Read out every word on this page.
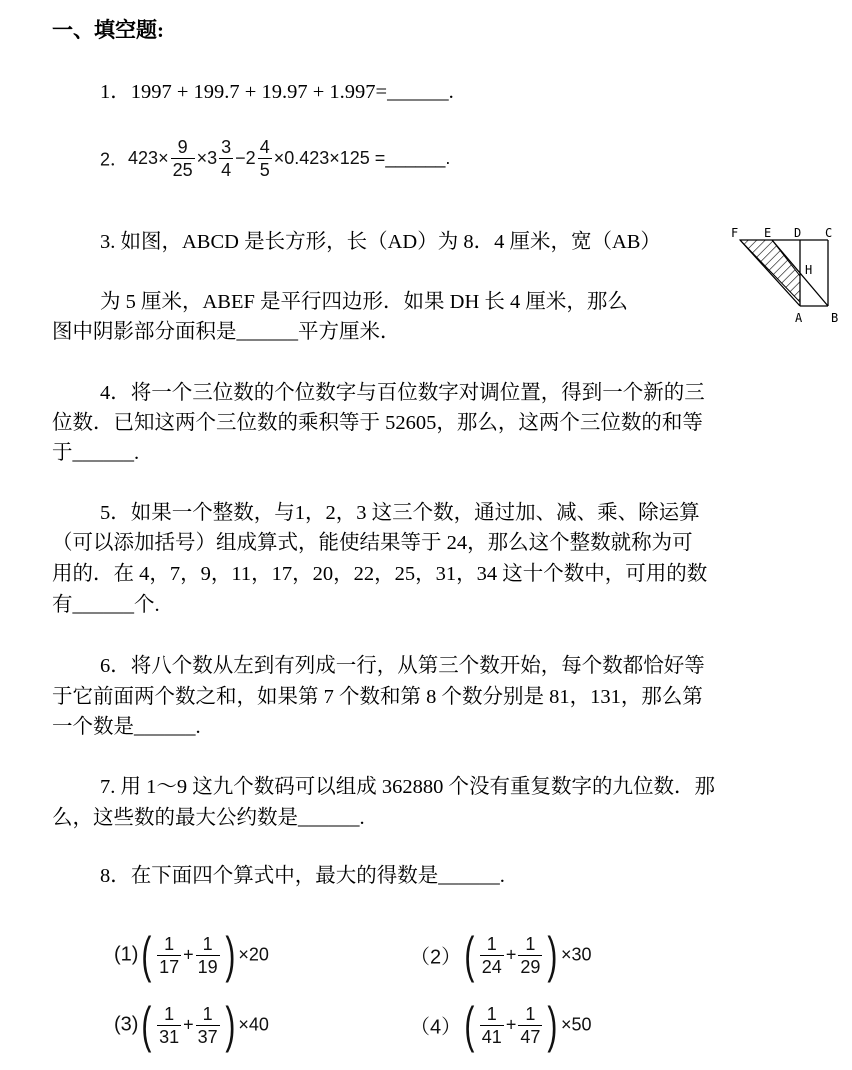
一、填空题:
1．1997 + 199.7 + 19.97 + 1.997=______.
2．$423\times \frac{9}{25} \times 3 \frac{3}{4} -2 \frac{4}{5} \times 0.423\times 125$ =______.
3. 如图，ABCD 是长方形，长（AD）为 8．4 厘米，宽（AB）
为 5 厘米，ABEF 是平行四边形．如果 DH 长 4 厘米，那么
图中阴影部分面积是______平方厘米．
F E D C
H
A B
4．将一个三位数的个位数字与百位数字对调位置，得到一个新的三
位数．已知这两个三位数的乘积等于 52605，那么，这两个三位数的和等
于______.
5．如果一个整数，与1，2，3 这三个数，通过加、减、乘、除运算
（可以添加括号）组成算式，能使结果等于 24，那么这个整数就称为可
用的．在 4，7，9，11，17，20，22，25，31，34 这十个数中，可用的数
有______个.
6．将八个数从左到有列成一行，从第三个数开始，每个数都恰好等
于它前面两个数之和，如果第 7 个数和第 8 个数分别是 81，131，那么第
一个数是______.
7. 用 1～9 这九个数码可以组成 362880 个没有重复数字的九位数．那
么，这些数的最大公约数是______.
8．在下面四个算式中，最大的得数是______.
$(1)( \frac{1}{17} + \frac{1}{19}$ ) ×20	$(2)( \frac{1}{24} + \frac{1}{29}$ ) ×30
$(3)( \frac{1}{31} + \frac{1}{37}$ ) ×40	$(4)( \frac{1}{41} + \frac{1}{47}$ ) ×50
